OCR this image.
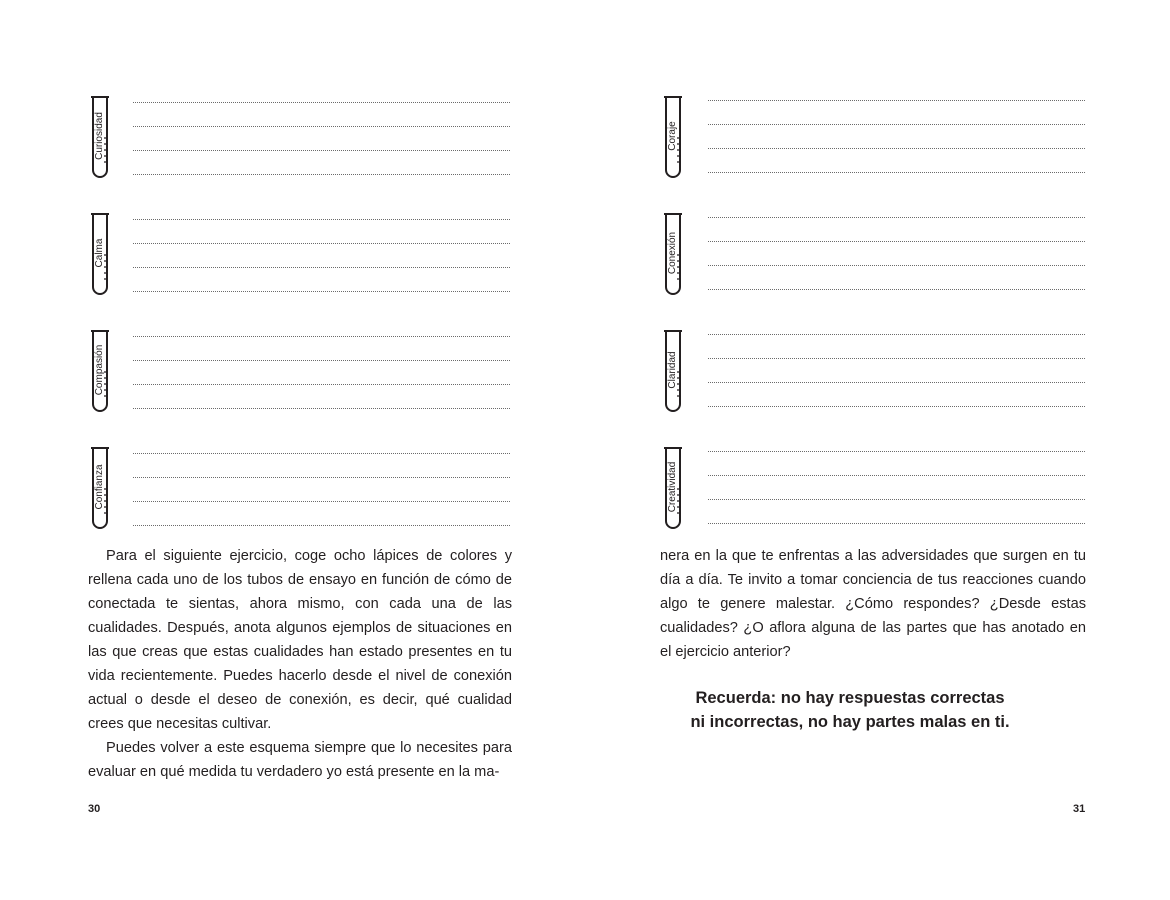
Curiosidad
Calma
Compasión
Confianza

Para el siguiente ejercicio, coge ocho lápices de colores y rellena cada uno de los tubos de ensayo en función de cómo de conectada te sientas, ahora mismo, con cada una de las cualidades. Después, anota algunos ejemplos de situaciones en las que creas que estas cualidades han estado presentes en tu vida recientemente. Puedes hacerlo desde el nivel de conexión actual o desde el deseo de conexión, es decir, qué cualidad crees que necesitas cultivar.

Puedes volver a este esquema siempre que lo necesites para evaluar en qué medida tu verdadero yo está presente en la ma-

30
Coraje
Conexión
Claridad
Creatividad

nera en la que te enfrentas a las adversidades que surgen en tu día a día. Te invito a tomar conciencia de tus reacciones cuando algo te genere malestar. ¿Cómo respondes? ¿Desde estas cualidades? ¿O aflora alguna de las partes que has anotado en el ejercicio anterior?

31
Recuerda: no hay respuestas correctas
ni incorrectas, no hay partes malas en ti.
